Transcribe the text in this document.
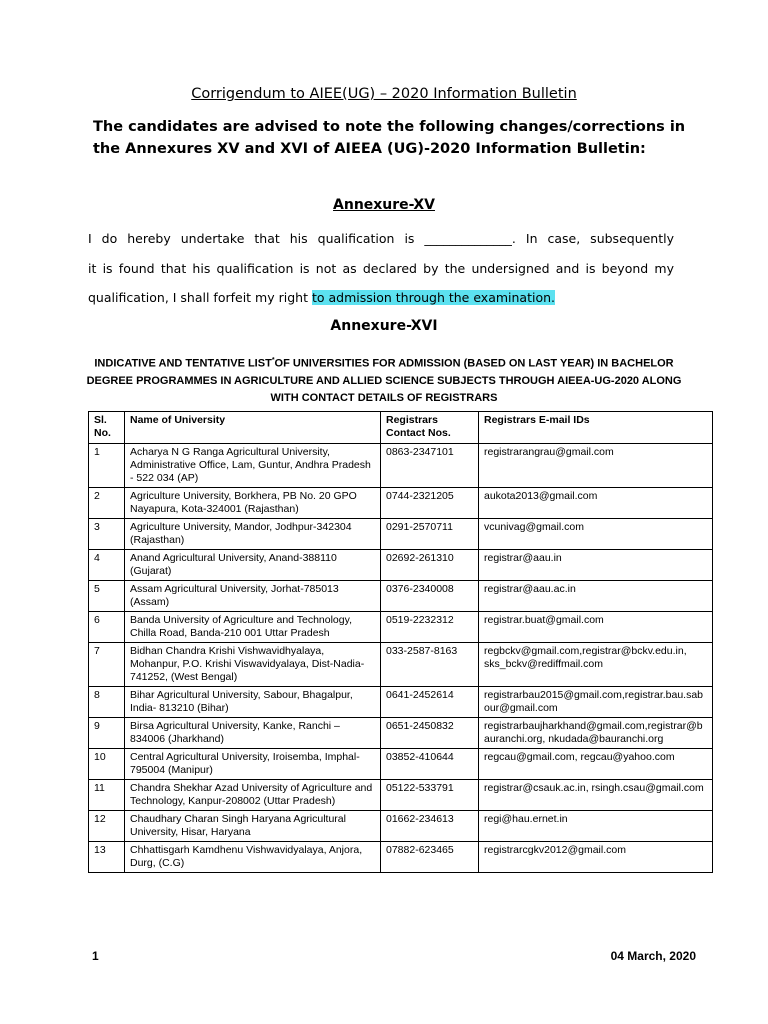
Corrigendum to AIEE(UG) – 2020 Information Bulletin
The candidates are advised to note the following changes/corrections in the Annexures XV and XVI of AIEEA (UG)-2020 Information Bulletin:
Annexure-XV
I do hereby undertake that his qualification is ______________. In case, subsequently
it is found that his qualification is not as declared by the undersigned and is beyond my
qualification, I shall forfeit my right to admission through the examination.
Annexure-XVI
INDICATIVE AND TENTATIVE LIST*OF UNIVERSITIES FOR ADMISSION (BASED ON LAST YEAR) IN BACHELOR DEGREE PROGRAMMES IN AGRICULTURE AND ALLIED SCIENCE SUBJECTS THROUGH AIEEA-UG-2020 ALONG WITH CONTACT DETAILS OF REGISTRARS
Sl. No.	Name of University	Registrars Contact Nos.	Registrars E-mail IDs
1	Acharya N G Ranga Agricultural University, Administrative Office, Lam, Guntur, Andhra Pradesh - 522 034 (AP)	0863-2347101	registrarangrau@gmail.com
2	Agriculture University, Borkhera, PB No. 20 GPO Nayapura, Kota-324001 (Rajasthan)	0744-2321205	aukota2013@gmail.com
3	Agriculture University, Mandor, Jodhpur-342304 (Rajasthan)	0291-2570711	vcunivag@gmail.com
4	Anand Agricultural University, Anand-388110 (Gujarat)	02692-261310	registrar@aau.in
5	Assam Agricultural University, Jorhat-785013 (Assam)	0376-2340008	registrar@aau.ac.in
6	Banda University of Agriculture and Technology, Chilla Road, Banda-210 001 Uttar Pradesh	0519-2232312	registrar.buat@gmail.com
7	Bidhan Chandra Krishi Vishwavidhyalaya, Mohanpur, P.O. Krishi Viswavidyalaya, Dist-Nadia-741252, (West Bengal)	033-2587-8163	regbckv@gmail.com,registrar@bckv.edu.in, sks_bckv@rediffmail.com
8	Bihar Agricultural University, Sabour, Bhagalpur, India- 813210 (Bihar)	0641-2452614	registrarbau2015@gmail.com,registrar.bau.sabour@gmail.com
9	Birsa Agricultural University, Kanke, Ranchi – 834006 (Jharkhand)	0651-2450832	registrarbaujharkhand@gmail.com,registrar@bauranchi.org, nkudada@bauranchi.org
10	Central Agricultural University, Iroisemba, Imphal-795004 (Manipur)	03852-410644	regcau@gmail.com, regcau@yahoo.com
11	Chandra Shekhar Azad University of Agriculture and Technology, Kanpur-208002 (Uttar Pradesh)	05122-533791	registrar@csauk.ac.in, rsingh.csau@gmail.com
12	Chaudhary Charan Singh Haryana Agricultural University, Hisar, Haryana	01662-234613	regi@hau.ernet.in
13	Chhattisgarh Kamdhenu Vishwavidyalaya, Anjora, Durg, (C.G)	07882-623465	registrarcgkv2012@gmail.com
1	04 March, 2020
